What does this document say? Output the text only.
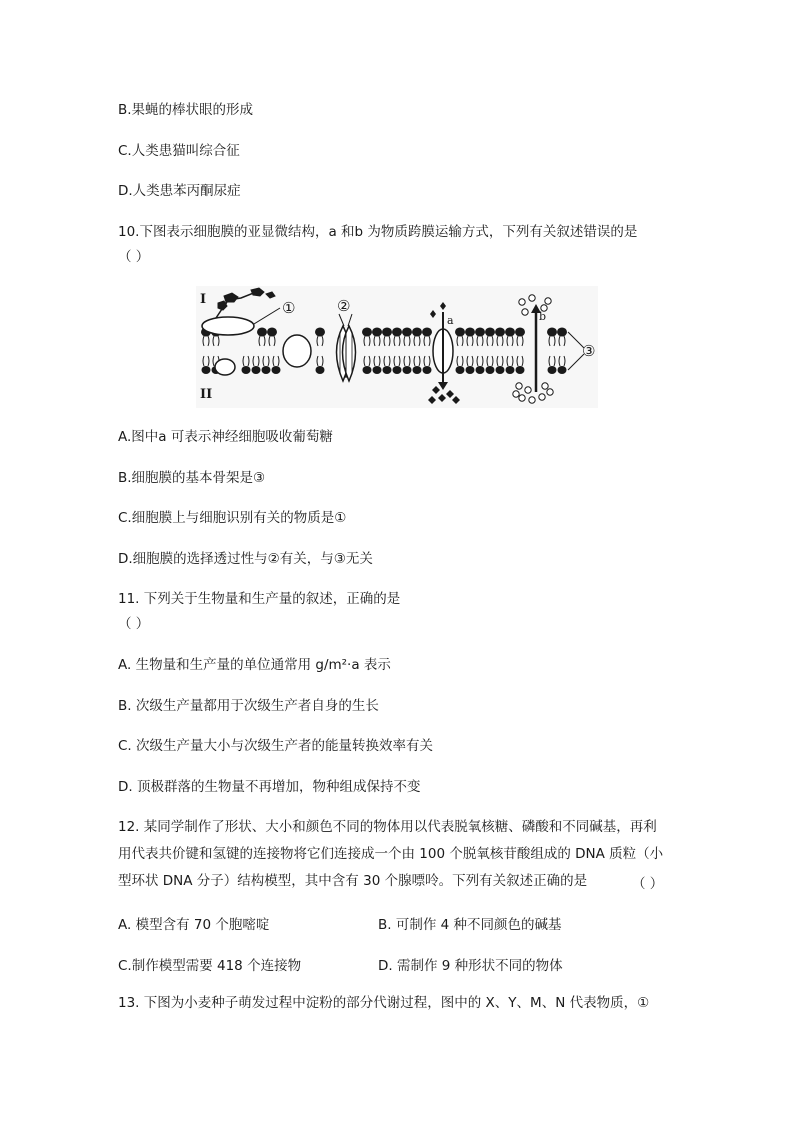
B.果蝇的棒状眼的形成
C.人类患猫叫综合征
D.人类患苯丙酮尿症
10.下图表示细胞膜的亚显微结构，a 和b 为物质跨膜运输方式，下列有关叙述错误的是
（ ）
I
II
①	②
③
a	b
A.图中a 可表示神经细胞吸收葡萄糖
B.细胞膜的基本骨架是③
C.细胞膜上与细胞识别有关的物质是①
D.细胞膜的选择透过性与②有关，与③无关
11. 下列关于生物量和生产量的叙述，正确的是
（ ）
A. 生物量和生产量的单位通常用 g/m²·a 表示
B. 次级生产量都用于次级生产者自身的生长
C. 次级生产量大小与次级生产者的能量转换效率有关
D. 顶极群落的生物量不再增加，物种组成保持不变
12. 某同学制作了形状、大小和颜色不同的物体用以代表脱氧核糖、磷酸和不同碱基，再利
用代表共价键和氢键的连接物将它们连接成一个由 100 个脱氧核苷酸组成的 DNA 质粒（小
型环状 DNA 分子）结构模型，其中含有 30 个腺嘌呤。下列有关叙述正确的是	（ ）
A. 模型含有 70 个胞嘧啶	B. 可制作 4 种不同颜色的碱基
C.制作模型需要 418 个连接物	D. 需制作 9 种形状不同的物体
13. 下图为小麦种子萌发过程中淀粉的部分代谢过程，图中的 X、Y、M、N 代表物质，①
